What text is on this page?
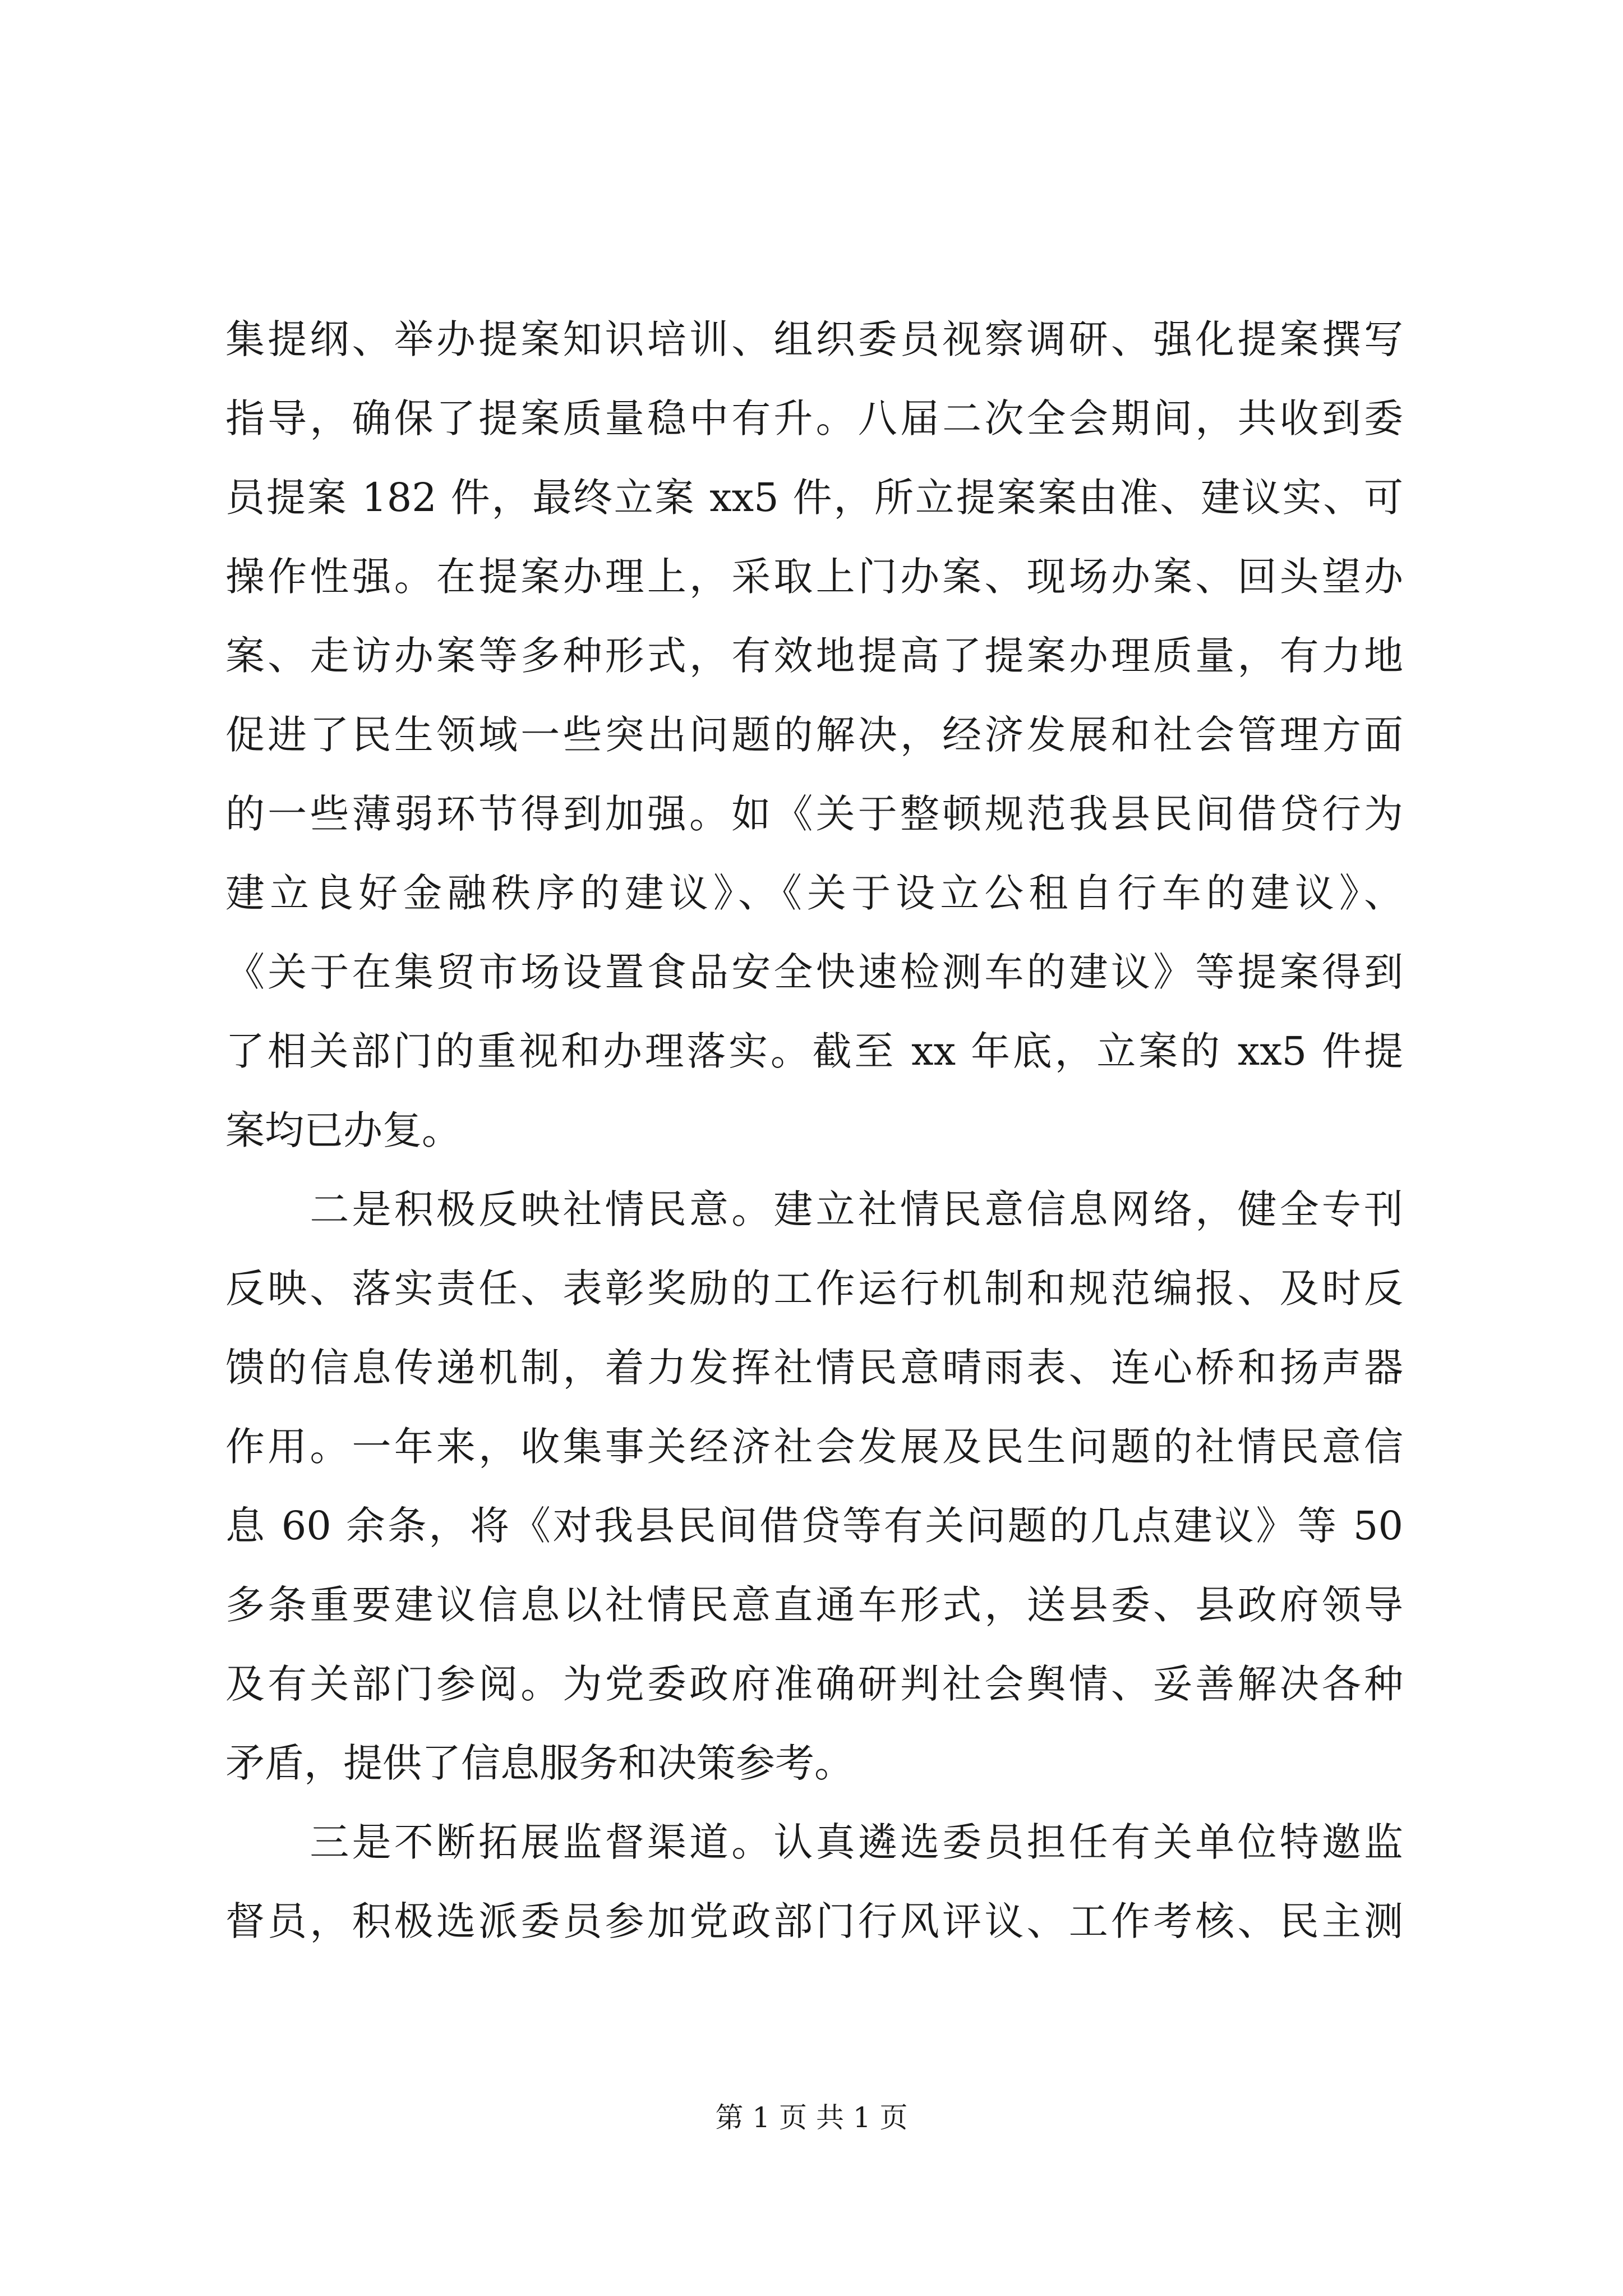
集提纲、举办提案知识培训、组织委员视察调研、强化提案撰写
指导，确保了提案质量稳中有升。八届二次全会期间，共收到委
员提案 182 件，最终立案 xx5 件，所立提案案由准、建议实、可
操作性强。在提案办理上，采取上门办案、现场办案、回头望办
案、走访办案等多种形式，有效地提高了提案办理质量，有力地
促进了民生领域一些突出问题的解决，经济发展和社会管理方面
的一些薄弱环节得到加强。如《关于整顿规范我县民间借贷行为
建立良好金融秩序的建议》、《关于设立公租自行车的建议》、
《关于在集贸市场设置食品安全快速检测车的建议》等提案得到
了相关部门的重视和办理落实。截至 xx 年底，立案的 xx5 件提
案均已办复。
　　二是积极反映社情民意。建立社情民意信息网络，健全专刊
反映、落实责任、表彰奖励的工作运行机制和规范编报、及时反
馈的信息传递机制，着力发挥社情民意晴雨表、连心桥和扬声器
作用。一年来，收集事关经济社会发展及民生问题的社情民意信
息 60 余条，将《对我县民间借贷等有关问题的几点建议》等 50
多条重要建议信息以社情民意直通车形式，送县委、县政府领导
及有关部门参阅。为党委政府准确研判社会舆情、妥善解决各种
矛盾，提供了信息服务和决策参考。
　　三是不断拓展监督渠道。认真遴选委员担任有关单位特邀监
督员，积极选派委员参加党政部门行风评议、工作考核、民主测
第 1 页 共 1 页
